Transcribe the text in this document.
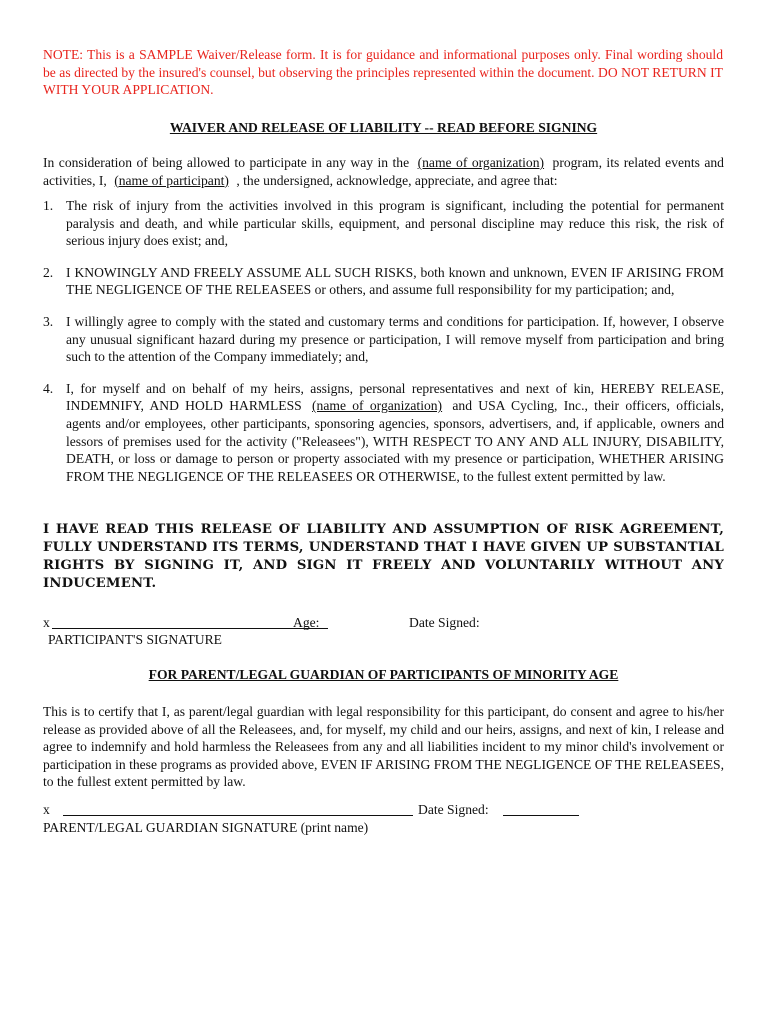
NOTE: This is a SAMPLE Waiver/Release form. It is for guidance and informational purposes only. Final wording should be as directed by the insured's counsel, but observing the principles represented within the document. DO NOT RETURN IT WITH YOUR APPLICATION.
WAIVER AND RELEASE OF LIABILITY -- READ BEFORE SIGNING
In consideration of being allowed to participate in any way in the (name of organization) program, its related events and activities, I, (name of participant) , the undersigned, acknowledge, appreciate, and agree that:
1. The risk of injury from the activities involved in this program is significant, including the potential for permanent paralysis and death, and while particular skills, equipment, and personal discipline may reduce this risk, the risk of serious injury does exist; and,
2. I KNOWINGLY AND FREELY ASSUME ALL SUCH RISKS, both known and unknown, EVEN IF ARISING FROM THE NEGLIGENCE OF THE RELEASEES or others, and assume full responsibility for my participation; and,
3. I willingly agree to comply with the stated and customary terms and conditions for participation. If, however, I observe any unusual significant hazard during my presence or participation, I will remove myself from participation and bring such to the attention of the Company immediately; and,
4. I, for myself and on behalf of my heirs, assigns, personal representatives and next of kin, HEREBY RELEASE, INDEMNIFY, AND HOLD HARMLESS (name of organization) and USA Cycling, Inc., their officers, officials, agents and/or employees, other participants, sponsoring agencies, sponsors, advertisers, and, if applicable, owners and lessors of premises used for the activity ("Releasees"), WITH RESPECT TO ANY AND ALL INJURY, DISABILITY, DEATH, or loss or damage to person or property associated with my presence or participation, WHETHER ARISING FROM THE NEGLIGENCE OF THE RELEASEES OR OTHERWISE, to the fullest extent permitted by law.
I HAVE READ THIS RELEASE OF LIABILITY AND ASSUMPTION OF RISK AGREEMENT, FULLY UNDERSTAND ITS TERMS, UNDERSTAND THAT I HAVE GIVEN UP SUBSTANTIAL RIGHTS BY SIGNING IT, AND SIGN IT FREELY AND VOLUNTARILY WITHOUT ANY INDUCEMENT.
x	Age:	Date Signed:
PARTICIPANT'S SIGNATURE
FOR PARENT/LEGAL GUARDIAN OF PARTICIPANTS OF MINORITY AGE
This is to certify that I, as parent/legal guardian with legal responsibility for this participant, do consent and agree to his/her release as provided above of all the Releasees, and, for myself, my child and our heirs, assigns, and next of kin, I release and agree to indemnify and hold harmless the Releasees from any and all liabilities incident to my minor child's involvement or participation in these programs as provided above, EVEN IF ARISING FROM THE NEGLIGENCE OF THE RELEASEES, to the fullest extent permitted by law.
x	Date Signed:
PARENT/LEGAL GUARDIAN SIGNATURE (print name)
